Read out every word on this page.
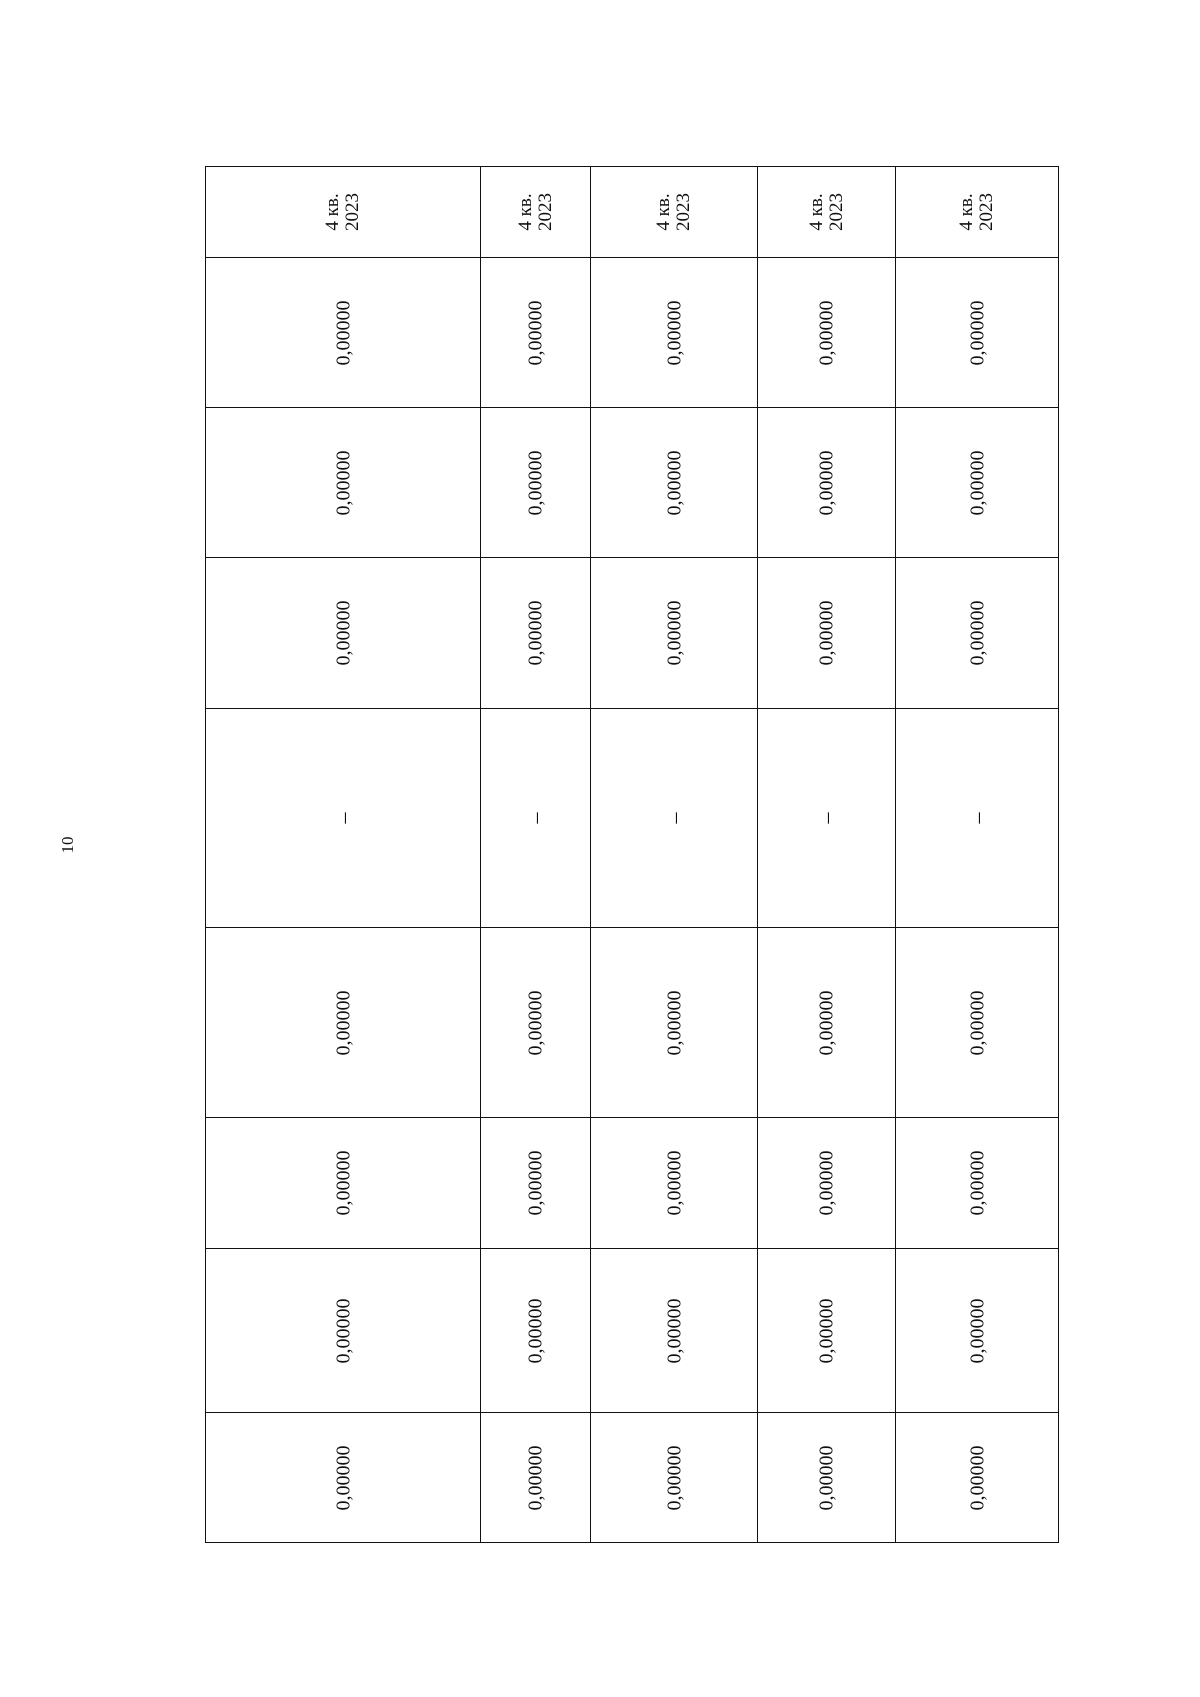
10
4 кв.
2023
0,00000
0,00000
0,00000
–
0,00000
0,00000
0,00000
0,00000
4 кв.
2023
0,00000
0,00000
0,00000
–
0,00000
0,00000
0,00000
0,00000
4 кв.
2023
0,00000
0,00000
0,00000
–
0,00000
0,00000
0,00000
0,00000
4 кв.
2023
0,00000
0,00000
0,00000
–
0,00000
0,00000
0,00000
0,00000
4 кв.
2023
0,00000
0,00000
0,00000
–
0,00000
0,00000
0,00000
0,00000
